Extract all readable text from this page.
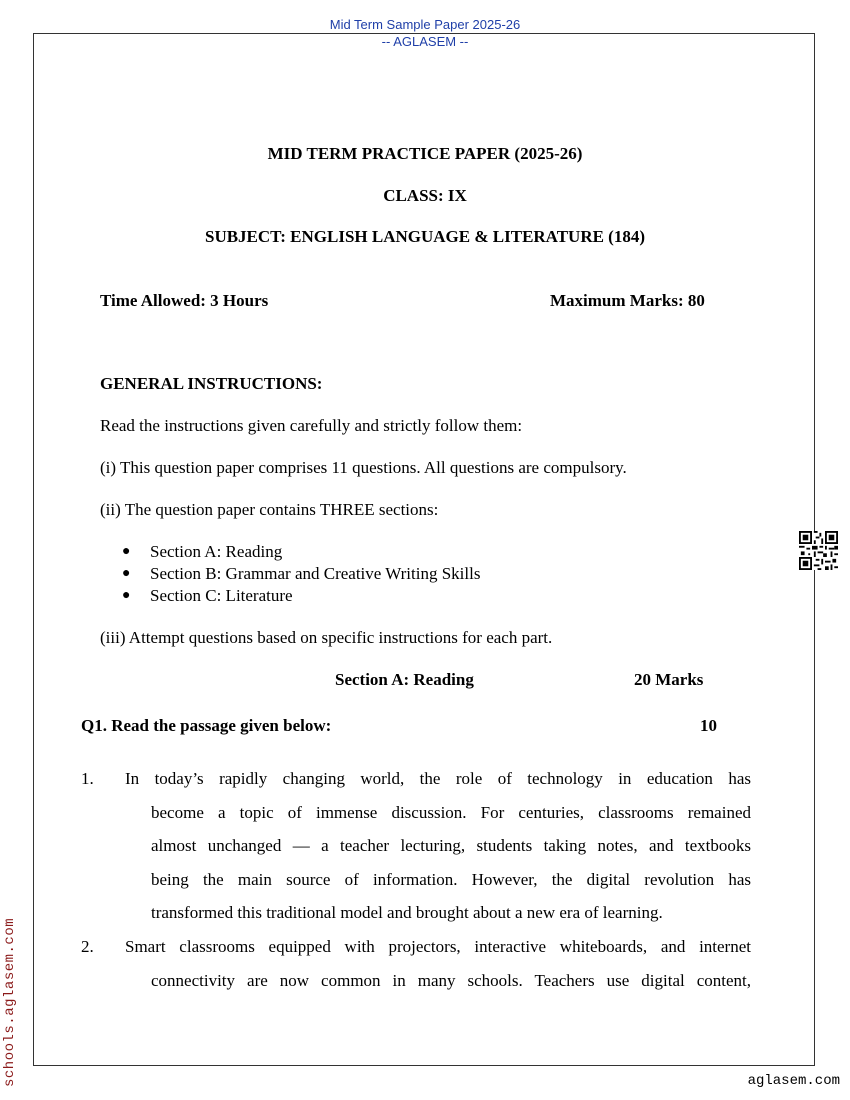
Mid Term Sample Paper 2025-26
-- AGLASEM --
MID TERM PRACTICE PAPER (2025-26)
CLASS: IX
SUBJECT: ENGLISH LANGUAGE & LITERATURE (184)
Time Allowed: 3 Hours	Maximum Marks: 80
GENERAL INSTRUCTIONS:
Read the instructions given carefully and strictly follow them:
(i) This question paper comprises 11 questions. All questions are compulsory.
(ii) The question paper contains THREE sections:
● Section A: Reading
● Section B: Grammar and Creative Writing Skills
● Section C: Literature
(iii) Attempt questions based on specific instructions for each part.
Section A: Reading	20 Marks
Q1. Read the passage given below:	10
1. In today’s rapidly changing world, the role of technology in education has
become a topic of immense discussion. For centuries, classrooms remained
almost unchanged — a teacher lecturing, students taking notes, and textbooks
being the main source of information. However, the digital revolution has
transformed this traditional model and brought about a new era of learning.
2. Smart classrooms equipped with projectors, interactive whiteboards, and internet
connectivity are now common in many schools. Teachers use digital content,
schools.aglasem.com	aglasem.com
